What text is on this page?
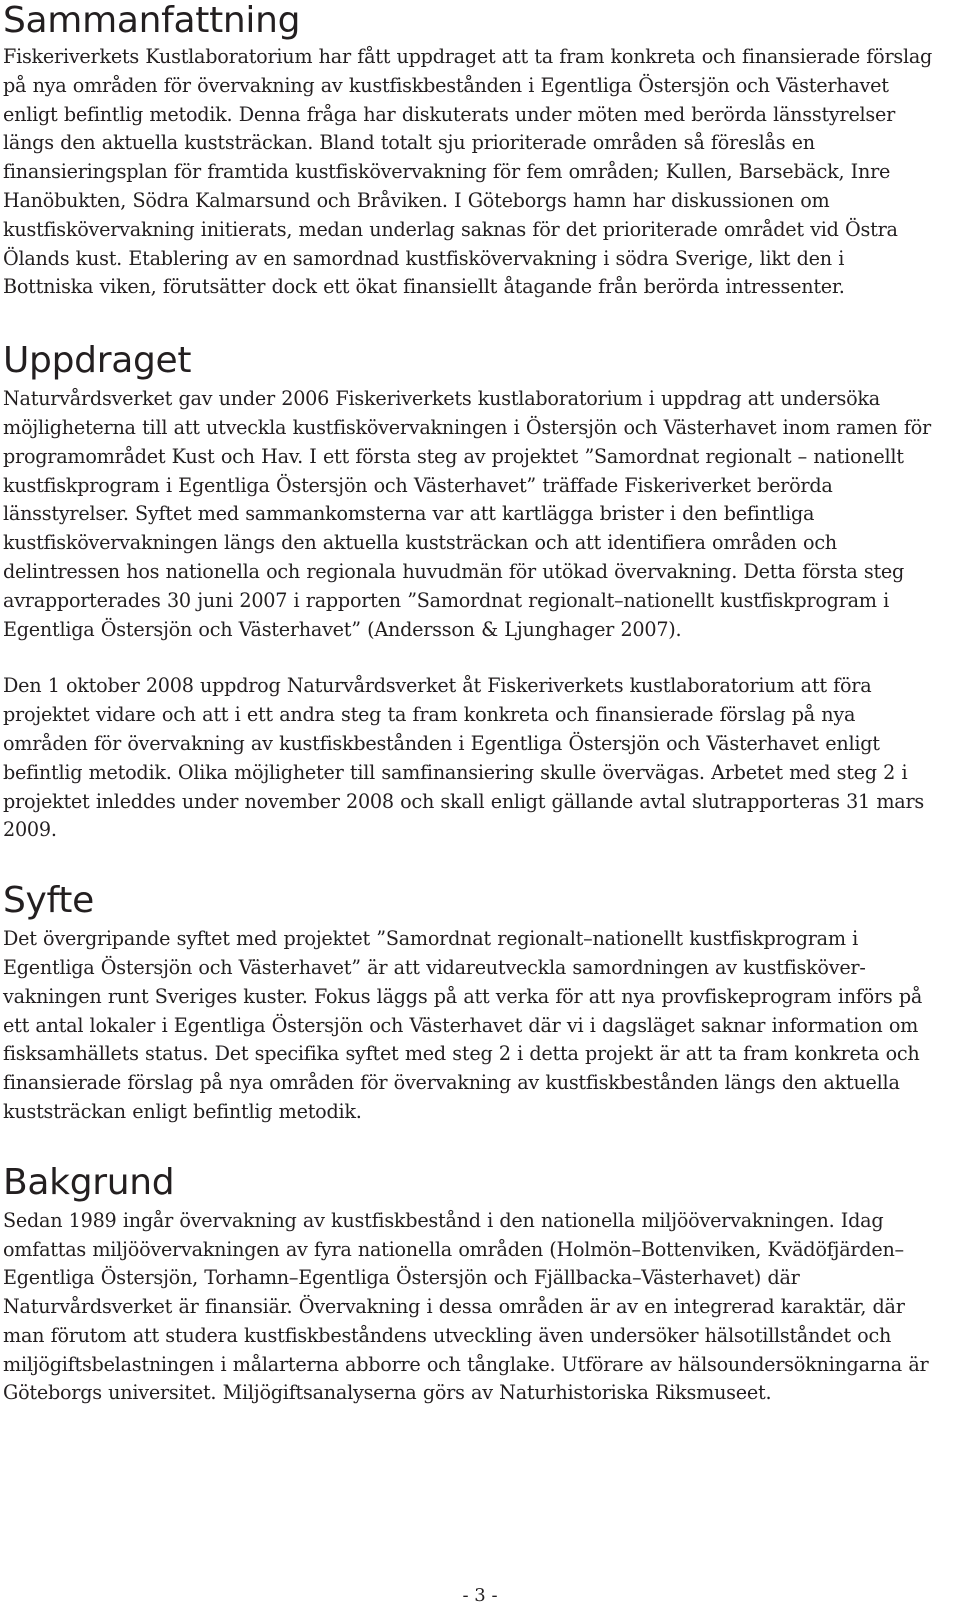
Sammanfattning

Fiskeriverkets Kustlaboratorium har fått uppdraget att ta fram konkreta och finansierade förslag på nya områden för övervakning av kustfiskbestånden i Egentliga Östersjön och Västerhavet enligt befintlig metodik. Denna fråga har diskuterats under möten med berörda länsstyrelser längs den aktuella kuststräckan. Bland totalt sju prioriterade områden så föreslås en finansieringsplan för framtida kustfiskövervakning för fem områden; Kullen, Barsebäck, Inre Hanöbukten, Södra Kalmarsund och Bråviken. I Göteborgs hamn har diskussionen om kustfiskövervakning initierats, medan underlag saknas för det prioriterade området vid Östra Ölands kust. Etablering av en samordnad kustfiskövervakning i södra Sverige, likt den i Bottniska viken, förutsätter dock ett ökat finansiellt åtagande från berörda intressenter.

Uppdraget

Naturvårdsverket gav under 2006 Fiskeriverkets kustlaboratorium i uppdrag att undersöka möjligheterna till att utveckla kustfiskövervakningen i Östersjön och Västerhavet inom ramen för programområdet Kust och Hav. I ett första steg av projektet ”Samordnat regionalt – nationellt kustfiskprogram i Egentliga Östersjön och Västerhavet” träffade Fiskeriverket berörda länsstyrelser. Syftet med sammankomsterna var att kartlägga brister i den befintliga kustfiskövervakningen längs den aktuella kuststräckan och att identifiera områden och delintressen hos nationella och regionala huvudmän för utökad övervakning. Detta första steg avrapporterades 30 juni 2007 i rapporten ”Samordnat regionalt–nationellt kustfiskprogram i Egentliga Östersjön och Västerhavet” (Andersson & Ljunghager 2007).

Den 1 oktober 2008 uppdrog Naturvårdsverket åt Fiskeriverkets kustlaboratorium att föra projektet vidare och att i ett andra steg ta fram konkreta och finansierade förslag på nya områden för övervakning av kustfiskbestånden i Egentliga Östersjön och Västerhavet enligt befintlig metodik. Olika möjligheter till samfinansiering skulle övervägas. Arbetet med steg 2 i projektet inleddes under november 2008 och skall enligt gällande avtal slutrapporteras 31 mars 2009.

Syfte

Det övergripande syftet med projektet ”Samordnat regionalt–nationellt kustfiskprogram i Egentliga Östersjön och Västerhavet” är att vidareutveckla samordningen av kustfiskövervakningen runt Sveriges kuster. Fokus läggs på att verka för att nya provfiskeprogram införs på ett antal lokaler i Egentliga Östersjön och Västerhavet där vi i dagsläget saknar information om fisksamhällets status. Det specifika syftet med steg 2 i detta projekt är att ta fram konkreta och finansierade förslag på nya områden för övervakning av kustfiskbestånden längs den aktuella kuststräckan enligt befintlig metodik.

Bakgrund

Sedan 1989 ingår övervakning av kustfiskbestånd i den nationella miljöövervakningen. Idag omfattas miljöövervakningen av fyra nationella områden (Holmön–Bottenviken, Kvädöfjärden–Egentliga Östersjön, Torhamn–Egentliga Östersjön och Fjällbacka–Västerhavet) där Naturvårdsverket är finansiär. Övervakning i dessa områden är av en integrerad karaktär, där man förutom att studera kustfiskbeståndens utveckling även undersöker hälsotillståndet och miljögiftsbelastningen i målarterna abborre och tånglake. Utförare av hälsoundersökningarna är Göteborgs universitet. Miljögiftsanalyserna görs av Naturhistoriska Riksmuseet.

- 3 -
